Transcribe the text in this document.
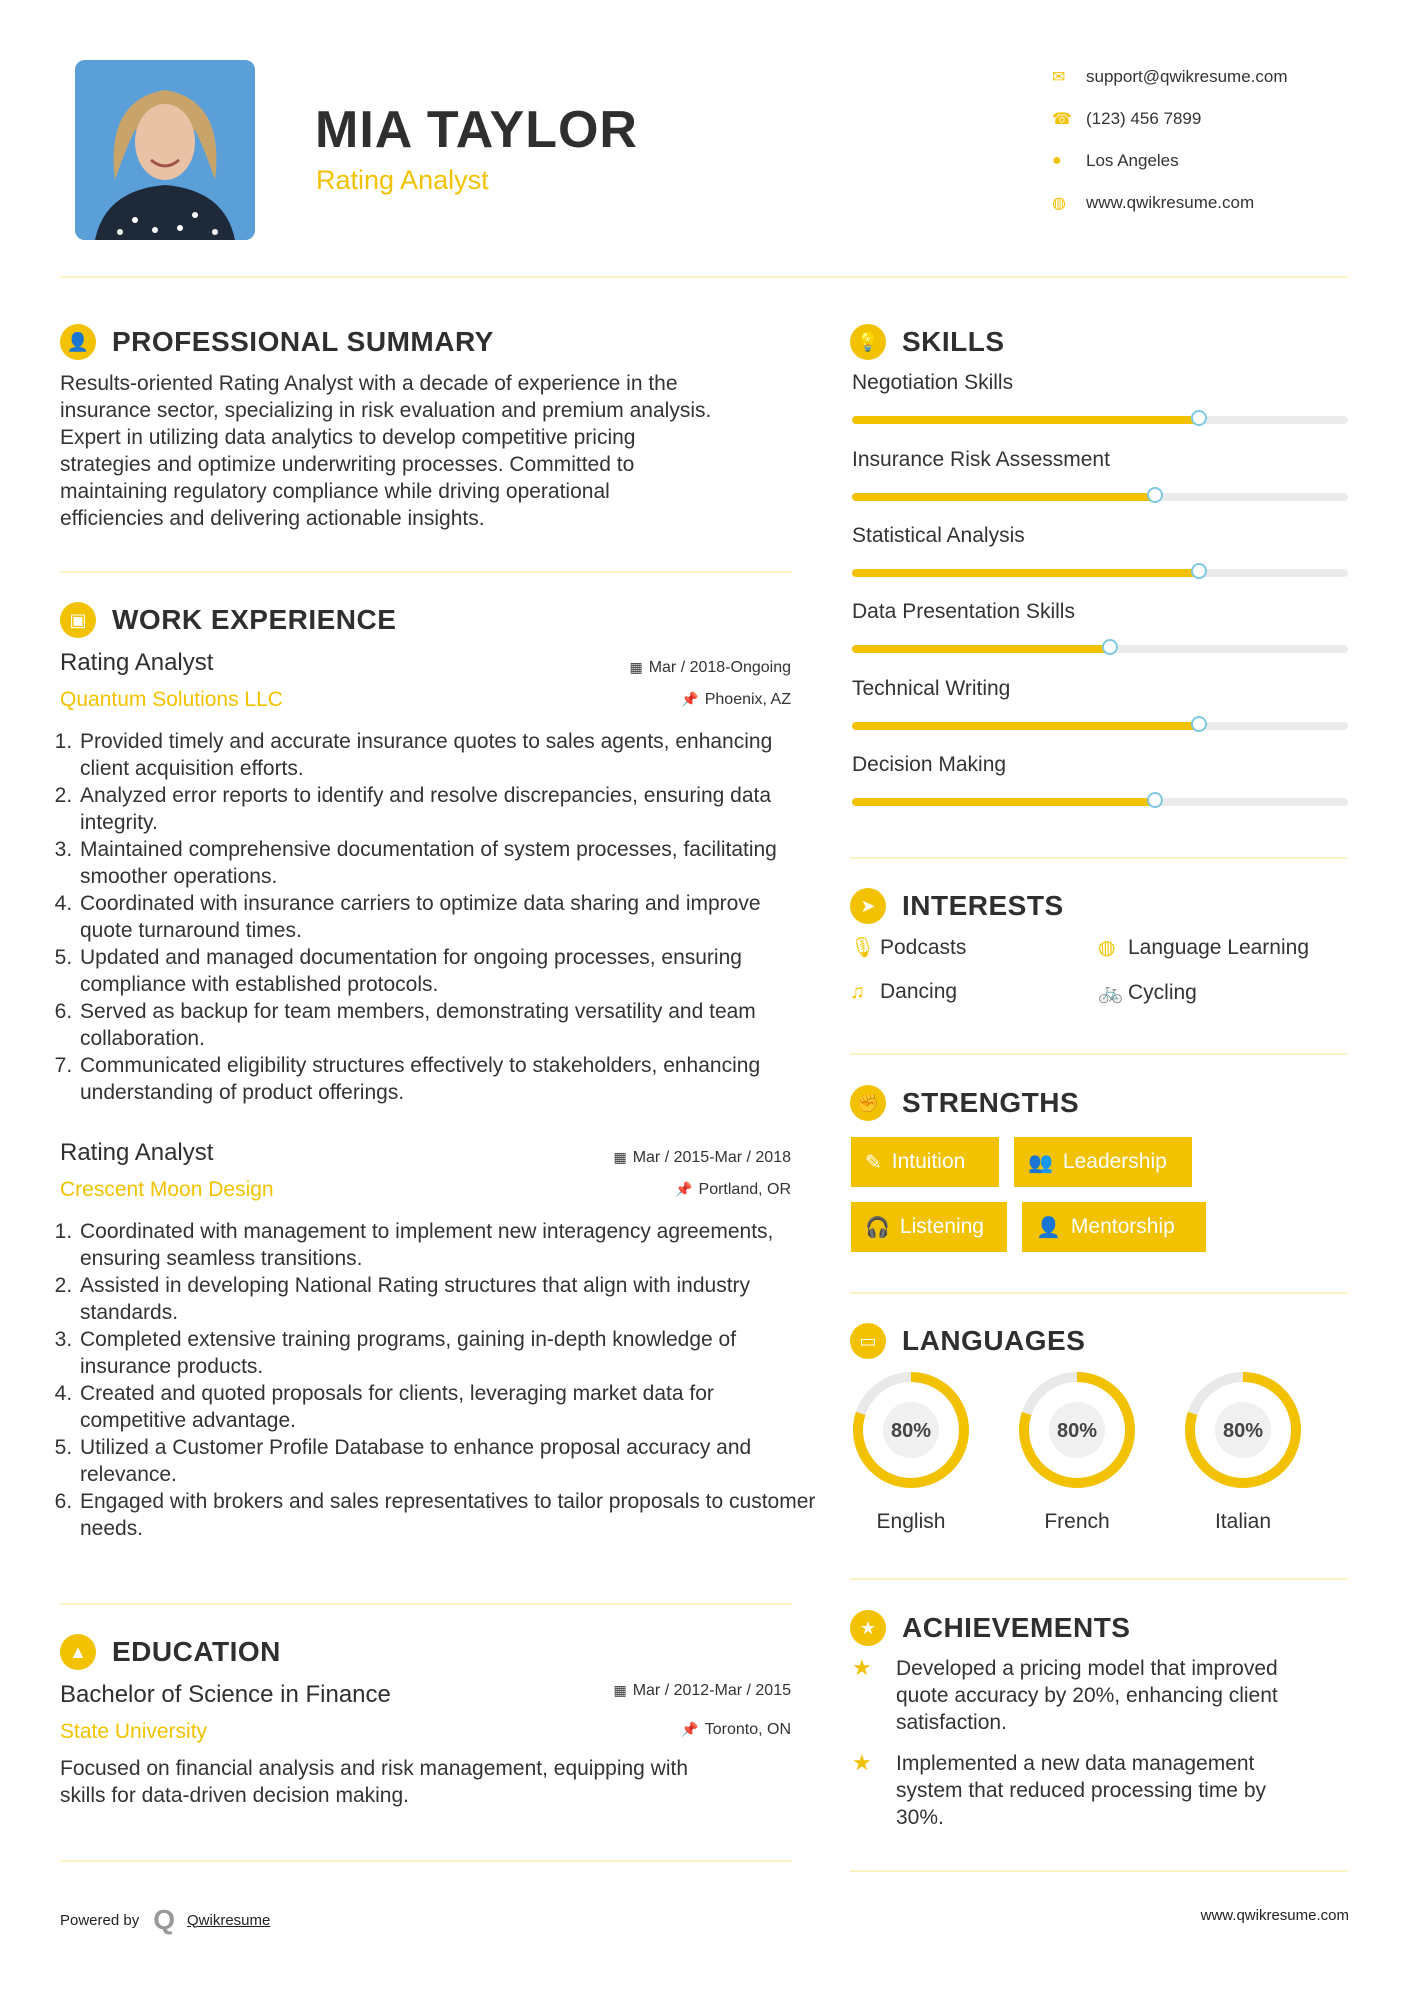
MIA TAYLOR
Rating Analyst
✉	support@qwikresume.com
☎ (123) 456 7899
●	Los Angeles
◍	www.qwikresume.com
👤 PROFESSIONAL SUMMARY
Results-oriented Rating Analyst with a decade of experience in the
insurance sector, specializing in risk evaluation and premium analysis.
Expert in utilizing data analytics to develop competitive pricing
strategies and optimize underwriting processes. Committed to
maintaining regulatory compliance while driving operational
efficiencies and delivering actionable insights.
▣ WORK EXPERIENCE
Rating Analyst
Quantum Solutions LLC
▦ Mar / 2018-Ongoing
📌 Phoenix, AZ
1. Provided timely and accurate insurance quotes to sales agents, enhancing client acquisition efforts.
2. Analyzed error reports to identify and resolve discrepancies, ensuring data integrity.
3. Maintained comprehensive documentation of system processes, facilitating smoother operations.
4. Coordinated with insurance carriers to optimize data sharing and improve quote turnaround times.
5. Updated and managed documentation for ongoing processes, ensuring compliance with established protocols.
6. Served as backup for team members, demonstrating versatility and team collaboration.
7. Communicated eligibility structures effectively to stakeholders, enhancing understanding of product offerings.
Rating Analyst
Crescent Moon Design
▦ Mar / 2015-Mar / 2018
📌 Portland, OR
1. Coordinated with management to implement new interagency agreements, ensuring seamless transitions.
2. Assisted in developing National Rating structures that align with industry standards.
3. Completed extensive training programs, gaining in-depth knowledge of insurance products.
4. Created and quoted proposals for clients, leveraging market data for competitive advantage.
5. Utilized a Customer Profile Database to enhance proposal accuracy and relevance.
6. Engaged with brokers and sales representatives to tailor proposals to customer needs.
▲ EDUCATION
Bachelor of Science in Finance
State University
▦ Mar / 2012-Mar / 2015
📌 Toronto, ON
Focused on financial analysis and risk management, equipping with
skills for data-driven decision making.
💡 SKILLS
Negotiation Skills
Insurance Risk Assessment
Statistical Analysis
Data Presentation Skills
Technical Writing
Decision Making
➤ INTERESTS
🎙 Podcasts	◍ Language Learning
♫ Dancing	🚲 Cycling
✊ STRENGTHS
✎ Intuition	👥 Leadership
🎧 Listening	👤 Mentorship
▭ LANGUAGES
80%
English
80%
French
80%
Italian
★ ACHIEVEMENTS
★	Developed a pricing model that improved
quote accuracy by 20%, enhancing client
satisfaction.
★	Implemented a new data management
system that reduced processing time by
30%.
Powered by Q Qwikresume	www.qwikresume.com
